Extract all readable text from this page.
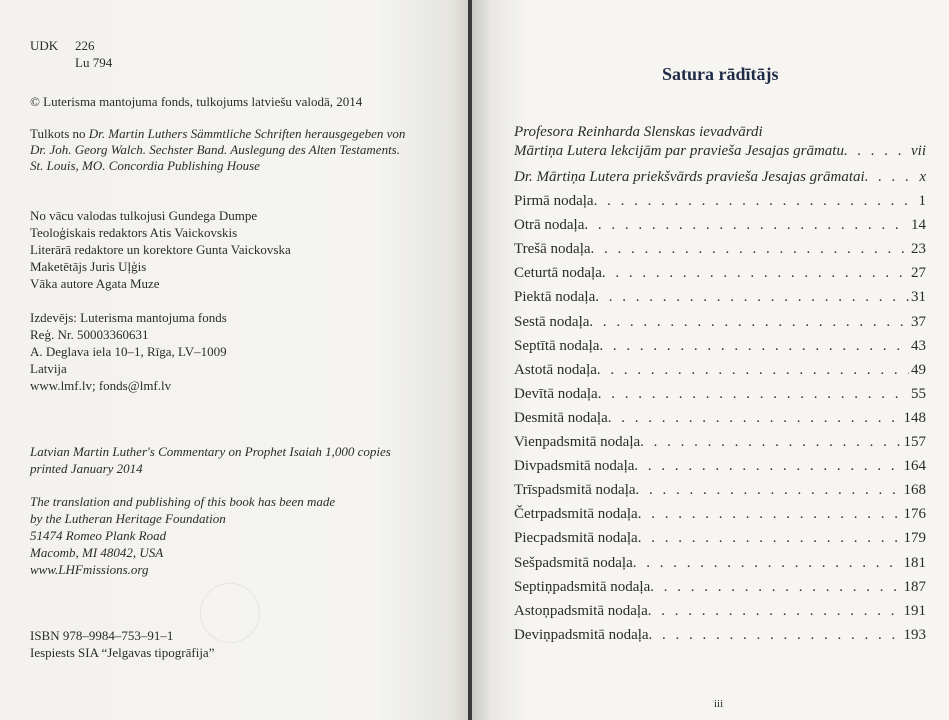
UDK 226
Lu 794
© Luterisma mantojuma fonds, tulkojums latviešu valodā, 2014
Tulkots no Dr. Martin Luthers Sämmtliche Schriften herausgegeben von
Dr. Joh. Georg Walch. Sechster Band. Auslegung des Alten Testaments.
St. Louis, MO. Concordia Publishing House
No vācu valodas tulkojusi Gundega Dumpe
Teoloģiskais redaktors Atis Vaickovskis
Literārā redaktore un korektore Gunta Vaickovska
Maketētājs Juris Uļģis
Vāka autore Agata Muze
Izdevējs: Luterisma mantojuma fonds
Reģ. Nr. 50003360631
A. Deglava iela 10–1, Rīga, LV–1009
Latvija
www.lmf.lv; fonds@lmf.lv
Latvian Martin Luther's Commentary on Prophet Isaiah 1,000 copies
printed January 2014
The translation and publishing of this book has been made
by the Lutheran Heritage Foundation
51474 Romeo Plank Road
Macomb, MI 48042, USA
www.LHFmissions.org
ISBN 978–9984–753–91–1
Iespiests SIA “Jelgavas tipogrāfija”
Satura rādītājs
Profesora Reinharda Slenskas ievadvārdi
Mārtiņa Lutera lekcijām par pravieša Jesajas grāmatu . . .	vii
Dr. Mārtiņa Lutera priekšvārds pravieša Jesajas grāmatai . . .	x
Pirmā nodaļa . . .	1
Otrā nodaļa . . .	14
Trešā nodaļa . . .	23
Ceturtā nodaļa . . .	27
Piektā nodaļa . . .	31
Sestā nodaļa . . .	37
Septītā nodaļa . . .	43
Astotā nodaļa . . .	49
Devītā nodaļa . . .	55
Desmitā nodaļa . . .	148
Vienpadsmitā nodaļa . . .	157
Divpadsmitā nodaļa . . .	164
Trīspadsmitā nodaļa . . .	168
Četrpadsmitā nodaļa . . .	176
Piecpadsmitā nodaļa . . .	179
Sešpadsmitā nodaļa . . .	181
Septiņpadsmitā nodaļa . . .	187
Astoņpadsmitā nodaļa . . .	191
Deviņpadsmitā nodaļa . . .	193
iii
